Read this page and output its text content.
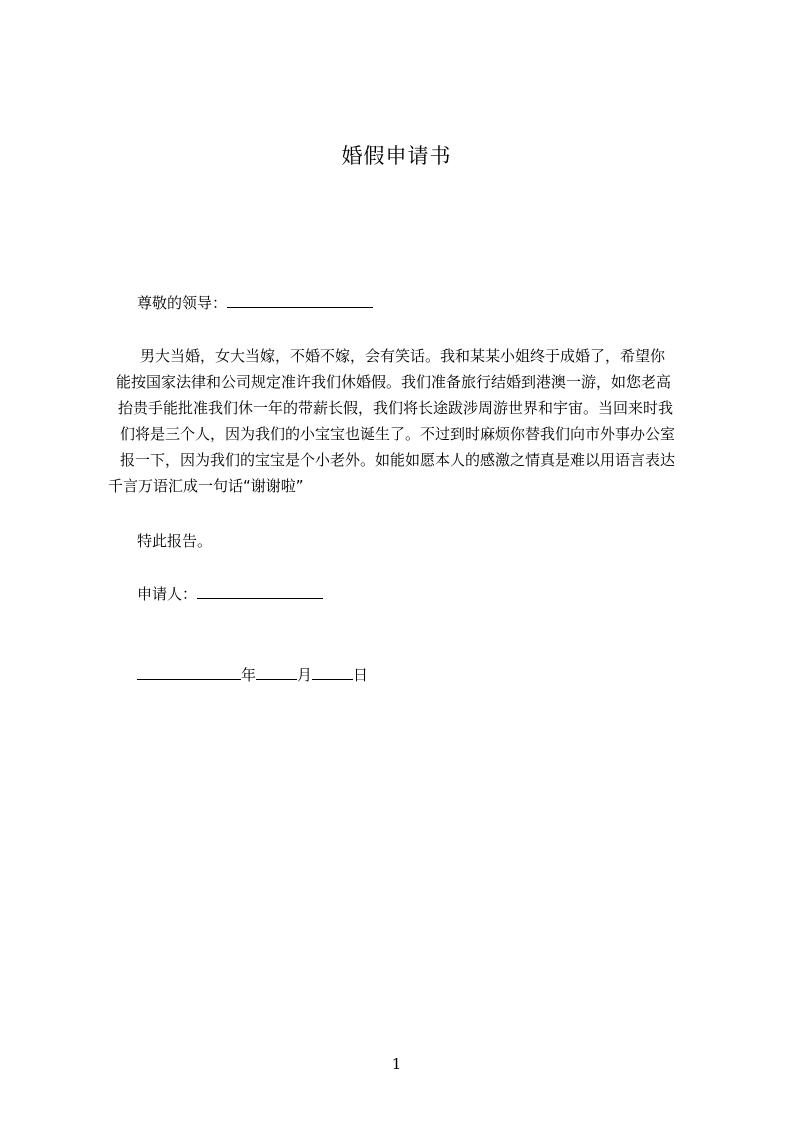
婚假申请书
尊敬的领导：
男大当婚，女大当嫁，不婚不嫁，会有笑话。我和某某小姐终于成婚了，希望你
能按国家法律和公司规定准许我们休婚假。我们准备旅行结婚到港澳一游，如您老高
抬贵手能批准我们休一年的带薪长假，我们将长途跋涉周游世界和宇宙。当回来时我
们将是三个人，因为我们的小宝宝也诞生了。不过到时麻烦你替我们向市外事办公室
报一下，因为我们的宝宝是个小老外。如能如愿本人的感激之情真是难以用语言表达
千言万语汇成一句话“谢谢啦”
特此报告。
申请人：
年	月	日
1
